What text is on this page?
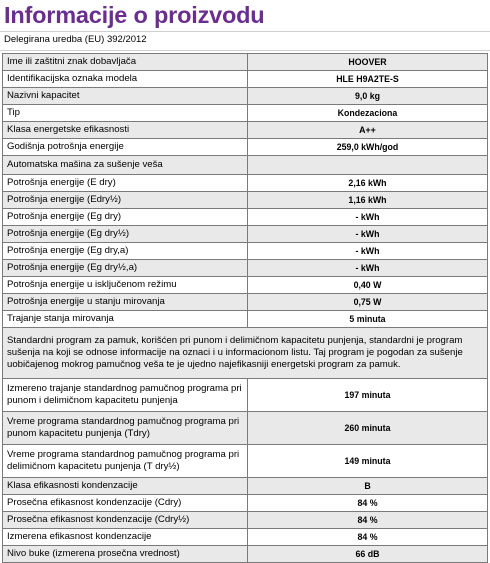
Informacije o proizvodu
Delegirana uredba (EU) 392/2012
Ime ili zaštitni znak dobavljača	HOOVER
Identifikacijska oznaka modela	HLE H9A2TE-S
Nazivni kapacitet	9,0 kg
Tip	Kondezaciona
Klasa energetske efikasnosti	A++
Godišnja potrošnja energije	259,0 kWh/god
Automatska mašina za sušenje veša	
Potrošnja energije (E dry)	2,16 kWh
Potrošnja energije (Edry½)	1,16 kWh
Potrošnja energije (Eg dry)	- kWh
Potrošnja energije (Eg dry½)	- kWh
Potrošnja energije (Eg dry,a)	- kWh
Potrošnja energije (Eg dry½,a)	- kWh
Potrošnja energije u isključenom režimu	0,40 W
Potrošnja energije u stanju mirovanja	0,75 W
Trajanje stanja mirovanja	5 minuta
Standardni program za pamuk, korišćen pri punom i delimičnom kapacitetu punjenja, standardni je program sušenja na koji se odnose informacije na oznaci i u informacionom listu. Taj program je pogodan za sušenje uobičajenog mokrog pamučnog veša te je ujedno najefikasniji energetski program za pamuk.	
Izmereno trajanje standardnog pamučnog programa pri punom i delimičnom kapacitetu punjenja	197 minuta
Vreme programa standardnog pamučnog programa pri punom kapacitetu punjenja (Tdry)	260 minuta
Vreme programa standardnog pamučnog programa pri delimičnom kapacitetu punjenja (T dry½)	149 minuta
Klasa efikasnosti kondenzacije	B
Prosečna efikasnost kondenzacije (Cdry)	84 %
Prosečna efikasnost kondenzacije (Cdry½)	84 %
Izmerena efikasnost kondenzacije	84 %
Nivo buke (izmerena prosečna vrednost)	66 dB
